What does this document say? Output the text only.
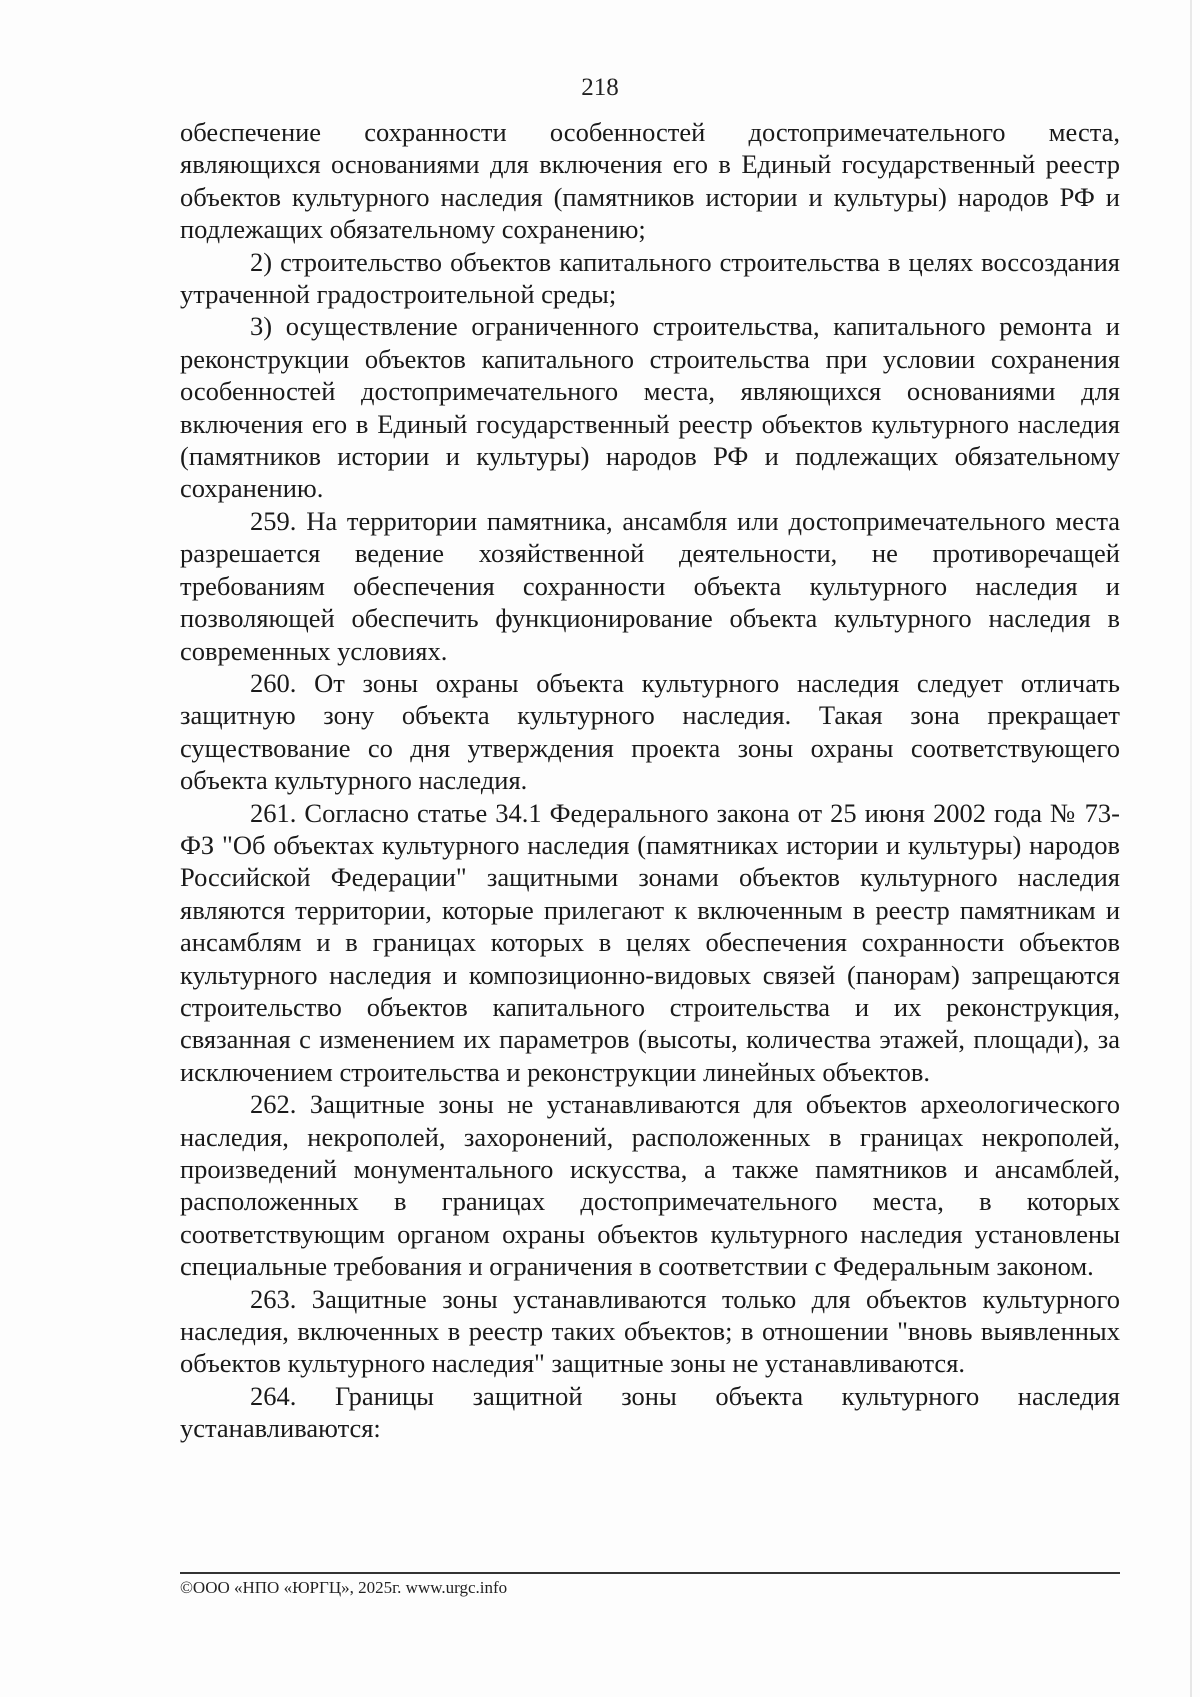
218

обеспечение сохранности особенностей достопримечательного места, являющихся основаниями для включения его в Единый государственный реестр объектов культурного наследия (памятников истории и культуры) народов РФ и подлежащих обязательному сохранению;

2) строительство объектов капитального строительства в целях воссоздания утраченной градостроительной среды;

3) осуществление ограниченного строительства, капитального ремонта и реконструкции объектов капитального строительства при условии сохранения особенностей достопримечательного места, являющихся основаниями для включения его в Единый государственный реестр объектов культурного наследия (памятников истории и культуры) народов РФ и подлежащих обязательному сохранению.

259. На территории памятника, ансамбля или достопримечательного места разрешается ведение хозяйственной деятельности, не противоречащей требованиям обеспечения сохранности объекта культурного наследия и позволяющей обеспечить функционирование объекта культурного наследия в современных условиях.

260. От зоны охраны объекта культурного наследия следует отличать защитную зону объекта культурного наследия. Такая зона прекращает существование со дня утверждения проекта зоны охраны соответствующего объекта культурного наследия.

261. Согласно статье 34.1 Федерального закона от 25 июня 2002 года № 73-ФЗ "Об объектах культурного наследия (памятниках истории и культуры) народов Российской Федерации" защитными зонами объектов культурного наследия являются территории, которые прилегают к включенным в реестр памятникам и ансамблям и в границах которых в целях обеспечения сохранности объектов культурного наследия и композиционно-видовых связей (панорам) запрещаются строительство объектов капитального строительства и их реконструкция, связанная с изменением их параметров (высоты, количества этажей, площади), за исключением строительства и реконструкции линейных объектов.

262. Защитные зоны не устанавливаются для объектов археологического наследия, некрополей, захоронений, расположенных в границах некрополей, произведений монументального искусства, а также памятников и ансамблей, расположенных в границах достопримечательного места, в которых соответствующим органом охраны объектов культурного наследия установлены специальные требования и ограничения в соответствии с Федеральным законом.

263. Защитные зоны устанавливаются только для объектов культурного наследия, включенных в реестр таких объектов; в отношении "вновь выявленных объектов культурного наследия" защитные зоны не устанавливаются.

264. Границы защитной зоны объекта культурного наследия устанавливаются:

©ООО «НПО «ЮРГЦ», 2025г. www.urgc.info
